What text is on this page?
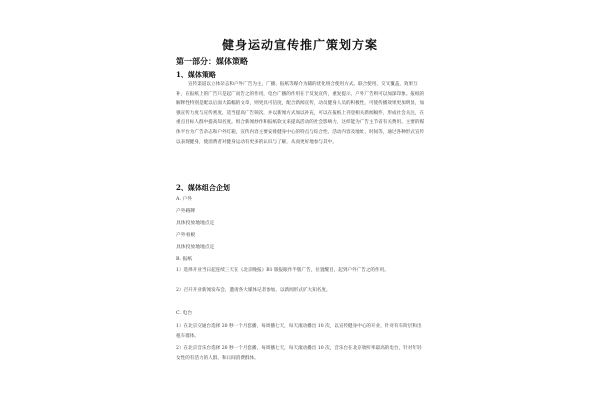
健身运动宣传推广策划方案
第一部分：媒体策略
1、媒体策略
宣传渠道以立体杂志和户外广告为主，广播、报纸等媒介为辅的优化组合使用方式。联合使用，交叉覆盖，效果互补，在报纸上的广告只是起广而告之的作用，电台广播的作用在于反复宣传，重复提示，户外广告则可以加深印象。报纸的解释性特别是配以后面大篇幅的文章，则更具可信度，配合新闻宣传，动员健身人员的积极性，可使传播效果更加明显，加强宣传力度与宣传密度，适当提高广告频次，并以新闻方式加以补充，可以在报纸上刊登相关新闻稿件，形成社会关注，在重点目标人群中提高知名度。组合新闻炒作和报纸软文来提高活动的社会影响力，这样能为广告主节省有关费用。主要的媒体平台为广告杂志和户外灯箱，宣传内容主要安排健身中心的特点与综合性、活动内容及地址、时间等，通过各种形式宣传以表现健身，使消费者对健身运动有更多的认识与了解，从而更好地参与其中。
2、媒体组合企划
A. 户外
户外路牌
具体投放地地点定
户外看板
具体投放地地点定
B. 报纸
1）选择开业当日起连续三天在《北京晚报》B1 版报眼作半版广告，位置醒目，起到户外广告之的作用。
2）召开开业新闻发布会，邀请各大媒体记者参加，以新闻形式扩大知名度。
C. 电台
1）在北京交通台选择 20 秒一个月套播，每周播七天，每天滚动播出 10 次，以宣传健身中心的开业，针对有车阶层和出租车群体。
2）在北京音乐台选择 20 秒一个月套播，每周播七天，每天滚动播出 10 次，音乐台在北京收听率最高的电台，针对年轻女性的有活力的人群，和日间消费群体。
